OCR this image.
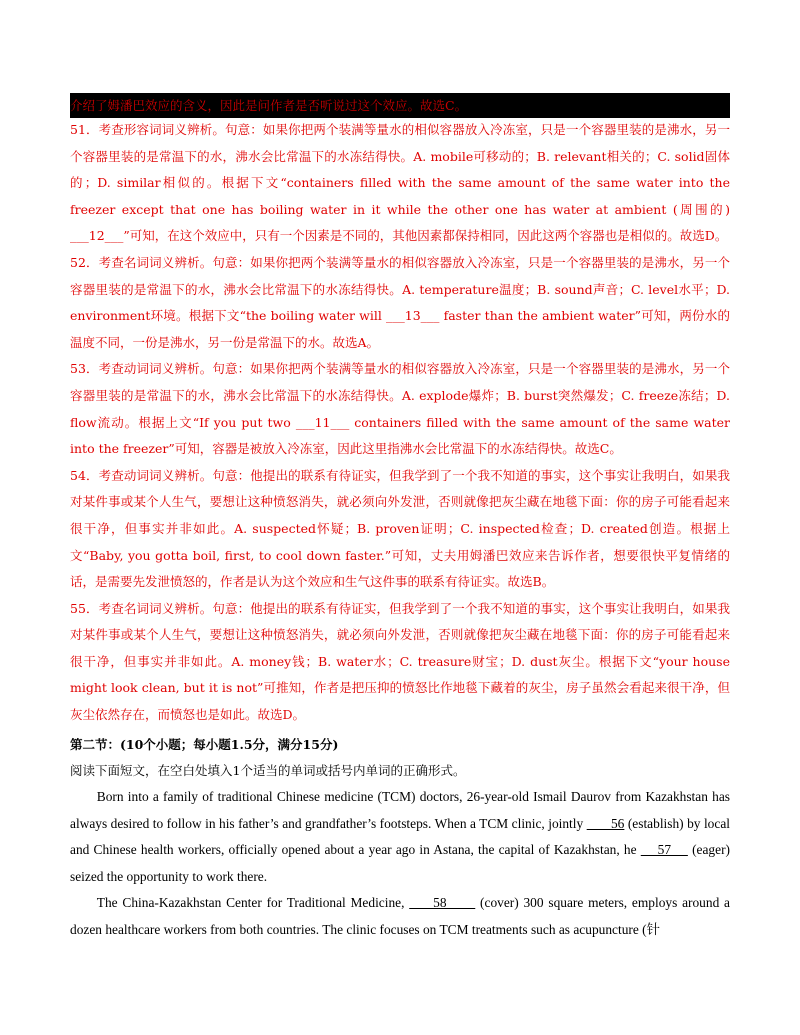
介绍了姆潘巴效应的含义，因此是问作者是否听说过这个效应。故选C。

51．考查形容词词义辨析。句意：如果你把两个装满等量水的相似容器放入冷冻室，只是一个容器里装的是沸水，另一个容器里装的是常温下的水，沸水会比常温下的水冻结得快。A. mobile可移动的；B. relevant相关的；C. solid固体的；D. similar相似的。根据下文“containers filled with the same amount of the same water into the freezer except that one has boiling water in it while the other one has water at ambient (周围的) ___12___”可知，在这个效应中，只有一个因素是不同的，其他因素都保持相同，因此这两个容器也是相似的。故选D。

52．考查名词词义辨析。句意：如果你把两个装满等量水的相似容器放入冷冻室，只是一个容器里装的是沸水，另一个容器里装的是常温下的水，沸水会比常温下的水冻结得快。A. temperature温度；B. sound声音；C. level水平；D. environment环境。根据下文“the boiling water will ___13___ faster than the ambient water”可知，两份水的温度不同，一份是沸水，另一份是常温下的水。故选A。

53．考查动词词义辨析。句意：如果你把两个装满等量水的相似容器放入冷冻室，只是一个容器里装的是沸水，另一个容器里装的是常温下的水，沸水会比常温下的水冻结得快。A. explode爆炸；B. burst突然爆发；C. freeze冻结；D. flow流动。根据上文“If you put two ___11___ containers filled with the same amount of the same water into the freezer”可知，容器是被放入冷冻室，因此这里指沸水会比常温下的水冻结得快。故选C。

54．考查动词词义辨析。句意：他提出的联系有待证实，但我学到了一个我不知道的事实，这个事实让我明白，如果我对某件事或某个人生气，要想让这种愤怒消失，就必须向外发泄，否则就像把灰尘藏在地毯下面：你的房子可能看起来很干净，但事实并非如此。A. suspected怀疑；B. proven证明；C. inspected检查；D. created创造。根据上文“Baby, you gotta boil, first, to cool down faster.”可知，丈夫用姆潘巴效应来告诉作者，想要很快平复情绪的话，是需要先发泄愤怒的，作者是认为这个效应和生气这件事的联系有待证实。故选B。

55．考查名词词义辨析。句意：他提出的联系有待证实，但我学到了一个我不知道的事实，这个事实让我明白，如果我对某件事或某个人生气，要想让这种愤怒消失，就必须向外发泄，否则就像把灰尘藏在地毯下面：你的房子可能看起来很干净，但事实并非如此。A. money钱；B. water水；C. treasure财宝；D. dust灰尘。根据下文“your house might look clean, but it is not”可推知，作者是把压抑的愤怒比作地毯下藏着的灰尘，房子虽然会看起来很干净，但灰尘依然存在，而愤怒也是如此。故选D。

第二节：(10个小题；每小题1.5分，满分15分)
阅读下面短文，在空白处填入1个适当的单词或括号内单词的正确形式。

Born into a family of traditional Chinese medicine (TCM) doctors, 26-year-old Ismail Daurov from Kazakhstan has always desired to follow in his father’s and grandfather’s footsteps. When a TCM clinic, jointly        56 (establish) by local and Chinese health workers, officially opened about a year ago in Astana, the capital of Kazakhstan, he     57     (eager) seized the opportunity to work there.

The China-Kazakhstan Center for Traditional Medicine,      58       (cover) 300 square meters, employs around a dozen healthcare workers from both countries. The clinic focuses on TCM treatments such as acupuncture (针
